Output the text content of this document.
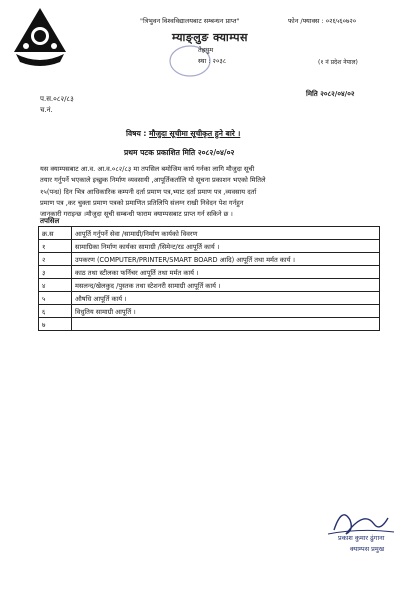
"त्रिभुवन विश्वविद्यालयबाट सम्बन्धन प्राप्त"	फोन /फ्याक्स : ०२६५६०७२०
म्याङ्लुङ क्याम्पस
तेह्रथुम
स्था : २०३८	(१ नं प्रदेश नेपाल)
प.स.०८२/८३
च.नं.
मिति २०८२/०४/०२
विषय : मौजुदा सूचीमा सूचीकृत हुने बारे ।
प्रथम पटक प्रकाशित मिति २०८२/०४/०२
यस क्याम्पसबाट आ.व. आ.व.०८२/८३ मा तपसिल बमोजिम कार्य गर्नका लागि मौजुदा सूची
तयार गर्नुपर्ने भएकाले इच्छुक निर्माण व्यवसायी ,आपूर्तिकर्तालि यो सूचना प्रकाशन भएको मितिले
१५(पन्ध्र) दिन भित्र आधिकारिक कम्पनी दर्ता प्रमाण पत्र,भ्याट दर्ता प्रमाण पत्र ,व्यवसाय दर्ता
प्रमाण पत्र ,कर चुक्ता प्रमाण पत्रको प्रमाणित प्रतिलिपि संलग्न राखी निवेदन पेश गर्नहुन
जानकारी गराइन्छ ।मौजुदा सूची सम्बन्धी फाराम क्याम्पसबाट प्राप्त गर्न सकिने छ ।
तपसिल
क्र.स	आपूर्ति गर्नुपर्ने सेवा /सामाग्री/निर्माण कार्यको विवरण
१	सामाग्रिका निर्माण कार्यका सामाग्री /सिमेन्ट/रड आपूर्ति कार्य ।
२	उपकरण (COMPUTER/PRINTER/SMART BOARD आदि) आपूर्ति तथा मर्मत कार्य ।
३	काठ तथा स्टीलका फर्निचर आपूर्ति तथा मर्मत कार्य ।
४	मसलन्द/खेलकुद /पुस्तक तथा स्टेशनरी सामाग्री आपूर्ति कार्य ।
५	औषधि आपूर्ति कार्य ।
६	विधुतिय सामाग्री आपूर्ति ।
७	
प्रकाश कुमार ढुंगाना
क्याम्पस प्रमुख
